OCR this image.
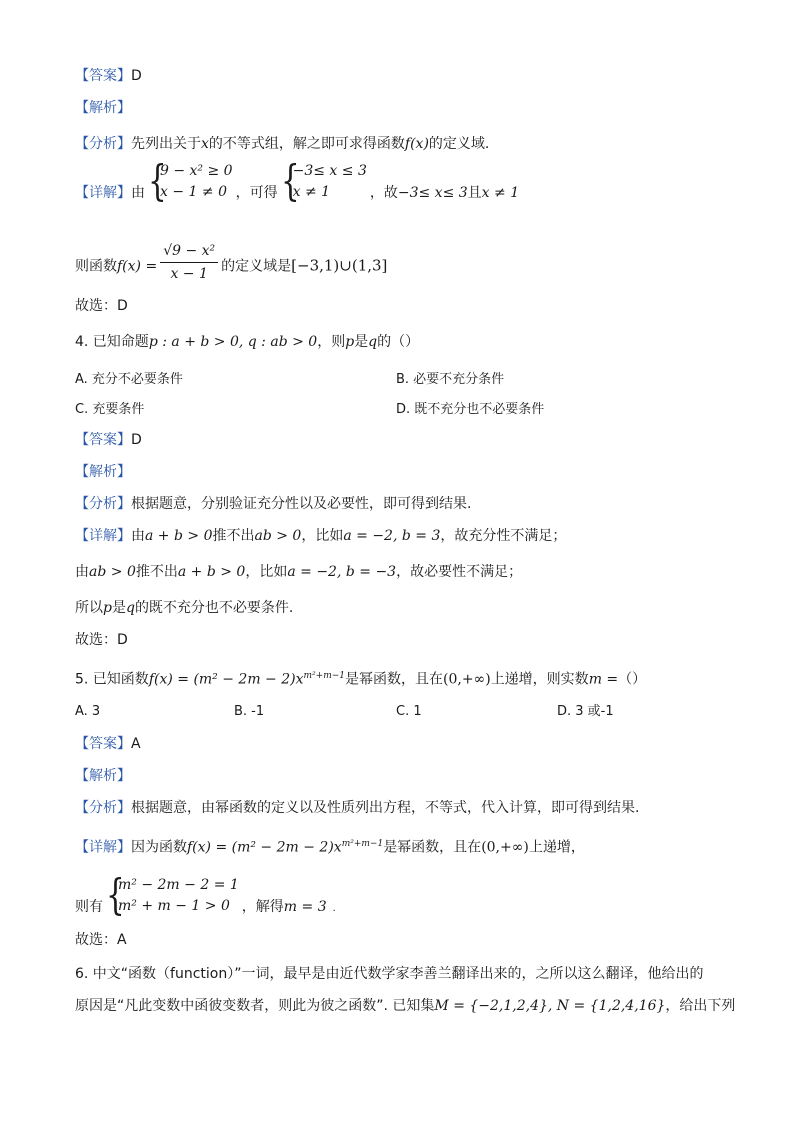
【答案】D
【解析】
【分析】先列出关于x的不等式组，解之即可求得函数f(x)的定义域.
【详解】由 {
9 − x² ≥ 0
x − 1 ≠ 0 ，可得 {
−3≤ x ≤ 3
x ≠ 1	，故−3≤ x≤ 3且x ≠ 1
则函数$f(x) = \frac{\text{√9 − x²}}{x - 1}$ 的定义域是[−3,1)∪(1,3]
故选：D
4. 已知命题p : a + b > 0, q : ab > 0，则p是q的（）
A. 充分不必要条件	B. 必要不充分条件
C. 充要条件	D. 既不充分也不必要条件
【答案】D
【解析】
【分析】根据题意，分别验证充分性以及必要性，即可得到结果.
【详解】由a + b > 0推不出ab > 0，比如a = −2, b = 3，故充分性不满足；
由ab > 0推不出a + b > 0，比如a = −2, b = −3，故必要性不满足；
所以p是q的既不充分也不必要条件.
故选：D
5. 已知函数$f(x) = (m^2 - 2m - 2)x^{m^2+m-1}$是幂函数，且在(0,+∞)上递增，则实数m =（）
A. 3	B. -1	C. 1	D. 3 或-1
【答案】A
【解析】
【分析】根据题意，由幂函数的定义以及性质列出方程，不等式，代入计算，即可得到结果.
【详解】因为函数$f(x) = (m^2 - 2m - 2)x^{m^2+m-1}$是幂函数，且在(0,+∞)上递增，
则有 {
m² − 2m − 2 = 1
m² + m − 1 > 0 ，解得m = 3 .
故选：A
6. 中文“函数（function）”一词，最早是由近代数学家李善兰翻译出来的，之所以这么翻译，他给出的
原因是“凡此变数中函彼变数者，则此为彼之函数”. 已知集M = {−2,1,2,4}, N = {1,2,4,16}，给出下列
